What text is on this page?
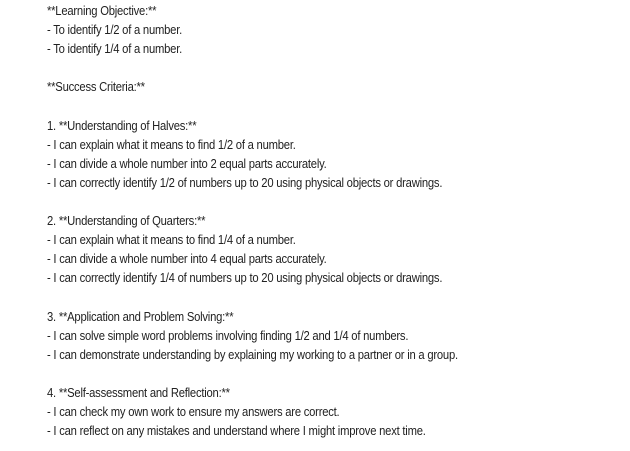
**Learning Objective:**
- To identify 1/2 of a number.
- To identify 1/4 of a number.
**Success Criteria:**
1. **Understanding of Halves:**
- I can explain what it means to find 1/2 of a number.
- I can divide a whole number into 2 equal parts accurately.
- I can correctly identify 1/2 of numbers up to 20 using physical objects or drawings.
2. **Understanding of Quarters:**
- I can explain what it means to find 1/4 of a number.
- I can divide a whole number into 4 equal parts accurately.
- I can correctly identify 1/4 of numbers up to 20 using physical objects or drawings.
3. **Application and Problem Solving:**
- I can solve simple word problems involving finding 1/2 and 1/4 of numbers.
- I can demonstrate understanding by explaining my working to a partner or in a group.
4. **Self-assessment and Reflection:**
- I can check my own work to ensure my answers are correct.
- I can reflect on any mistakes and understand where I might improve next time.
